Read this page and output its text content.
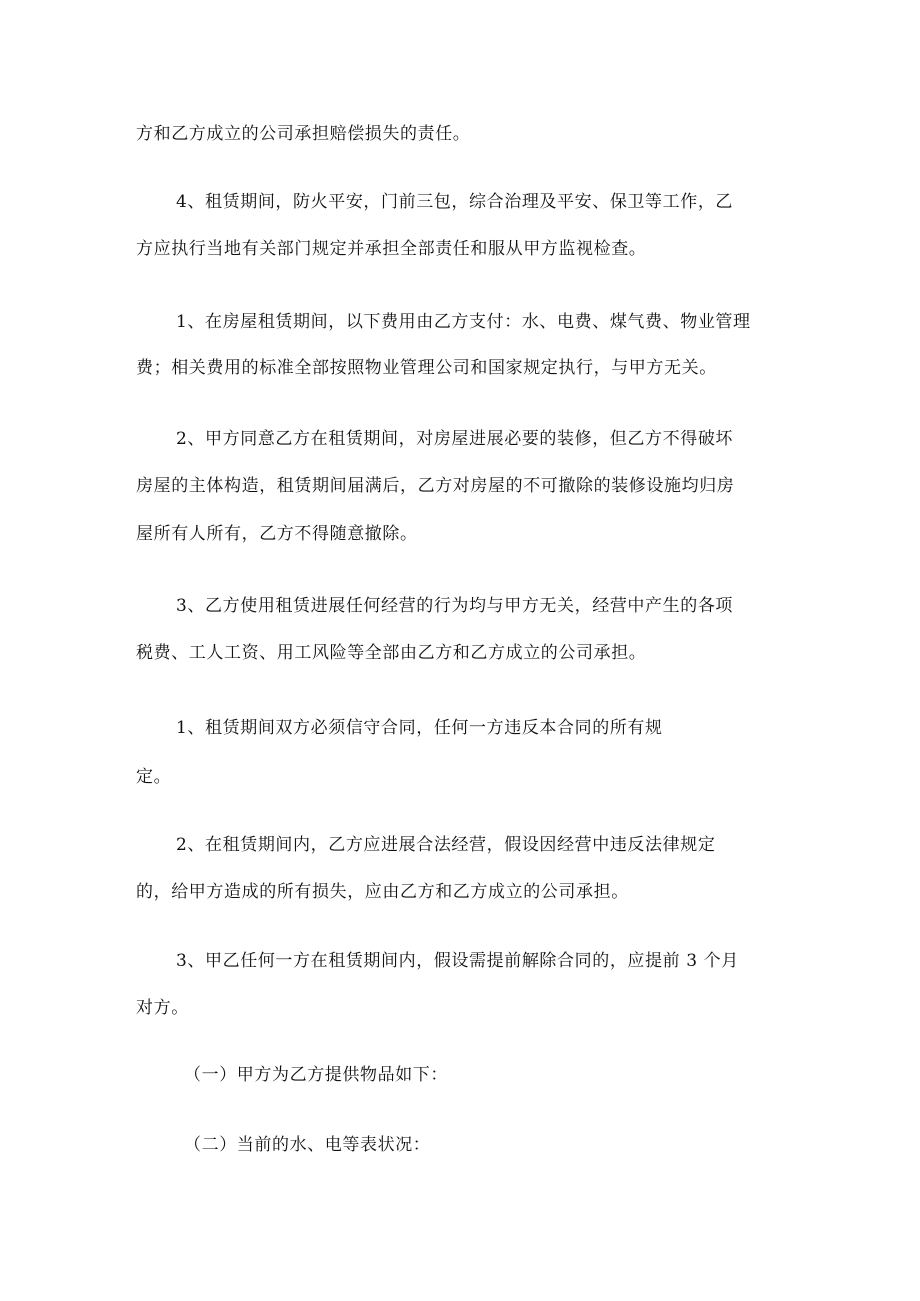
方和乙方成立的公司承担赔偿损失的责任。
4、租赁期间，防火平安，门前三包，综合治理及平安、保卫等工作，乙
方应执行当地有关部门规定并承担全部责任和服从甲方监视检查。
1、在房屋租赁期间，以下费用由乙方支付：水、电费、煤气费、物业管理
费；相关费用的标准全部按照物业管理公司和国家规定执行，与甲方无关。
2、甲方同意乙方在租赁期间，对房屋进展必要的装修，但乙方不得破坏
房屋的主体构造，租赁期间届满后，乙方对房屋的不可撤除的装修设施均归房
屋所有人所有，乙方不得随意撤除。
3、乙方使用租赁进展任何经营的行为均与甲方无关，经营中产生的各项
税费、工人工资、用工风险等全部由乙方和乙方成立的公司承担。
1、租赁期间双方必须信守合同，任何一方违反本合同的所有规
定。
2、在租赁期间内，乙方应进展合法经营，假设因经营中违反法律规定
的，给甲方造成的所有损失，应由乙方和乙方成立的公司承担。
3、甲乙任何一方在租赁期间内，假设需提前解除合同的，应提前 3 个月
对方。
（一）甲方为乙方提供物品如下：
（二）当前的水、电等表状况：
